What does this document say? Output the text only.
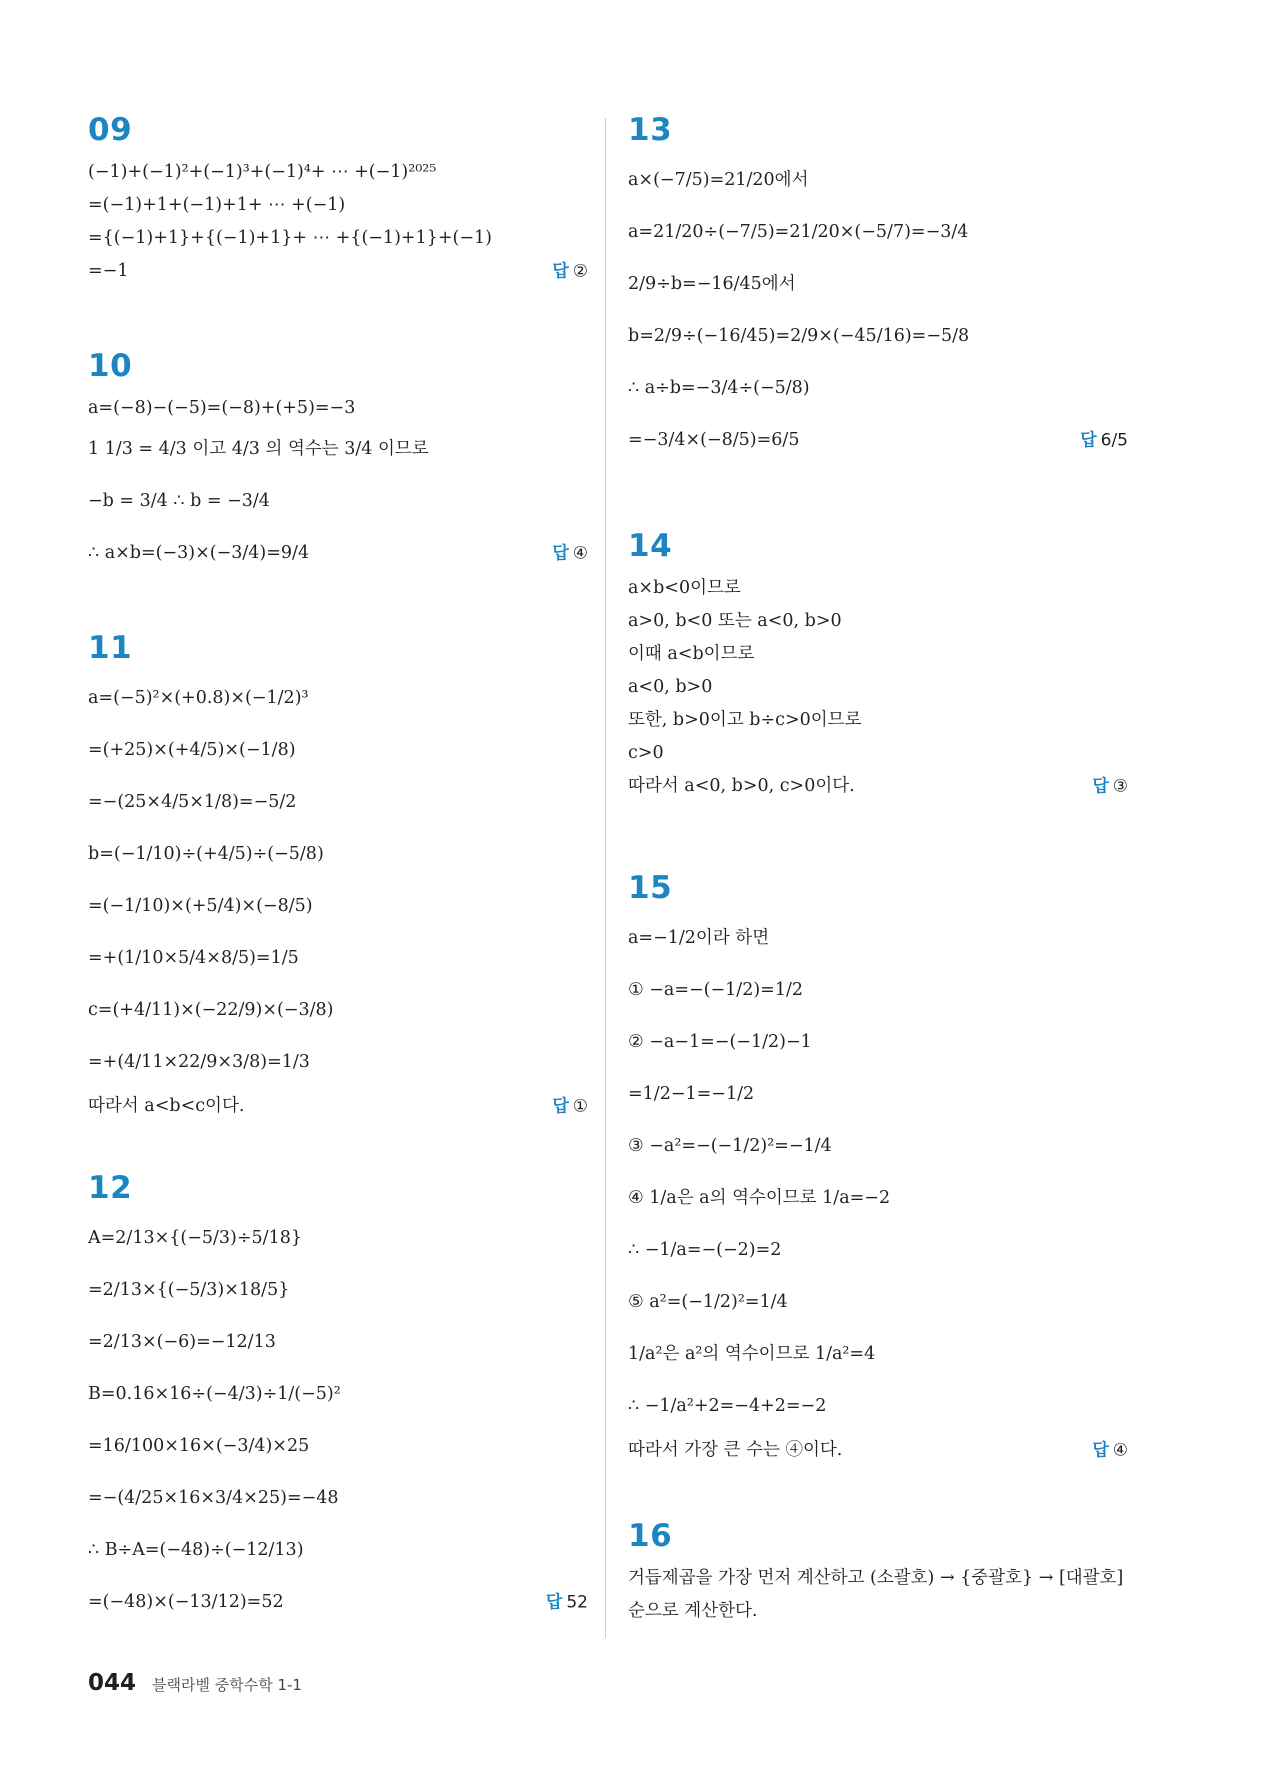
09
(−1)+(−1)²+(−1)³+(−1)⁴+ ⋯ +(−1)²⁰²⁵
=(−1)+1+(−1)+1+ ⋯ +(−1)
={(−1)+1}+{(−1)+1}+ ⋯ +{(−1)+1}+(−1)
=−1	답 ②
10
a=(−8)−(−5)=(−8)+(+5)=−3
1 1/3 = 4/3 이고 4/3 의 역수는 3/4 이므로
−b = 3/4 ∴ b = −3/4
∴ a×b=(−3)×(−3/4)=9/4	답 ④
11
a=(−5)²×(+0.8)×(−1/2)³
=(+25)×(+4/5)×(−1/8)
=−(25×4/5×1/8)=−5/2
b=(−1/10)÷(+4/5)÷(−5/8)
=(−1/10)×(+5/4)×(−8/5)
=+(1/10×5/4×8/5)=1/5
c=(+4/11)×(−22/9)×(−3/8)
=+(4/11×22/9×3/8)=1/3
따라서 a<b<c이다.	답 ①
12
A=2/13×{(−5/3)÷5/18}
=2/13×{(−5/3)×18/5}
=2/13×(−6)=−12/13
B=0.16×16÷(−4/3)÷1/(−5)²
=16/100×16×(−3/4)×25
=−(4/25×16×3/4×25)=−48
∴ B÷A=(−48)÷(−12/13)
=(−48)×(−13/12)=52	답 52
13
a×(−7/5)=21/20에서
a=21/20÷(−7/5)=21/20×(−5/7)=−3/4
2/9÷b=−16/45에서
b=2/9÷(−16/45)=2/9×(−45/16)=−5/8
∴ a÷b=−3/4÷(−5/8)
=−3/4×(−8/5)=6/5	답 6/5
14
a×b<0이므로
a>0, b<0 또는 a<0, b>0
이때 a<b이므로
a<0, b>0
또한, b>0이고 b÷c>0이므로
c>0
따라서 a<0, b>0, c>0이다.	답 ③
15
a=−1/2이라 하면
① −a=−(−1/2)=1/2
② −a−1=−(−1/2)−1
=1/2−1=−1/2
③ −a²=−(−1/2)²=−1/4
④ 1/a은 a의 역수이므로 1/a=−2
∴ −1/a=−(−2)=2
⑤ a²=(−1/2)²=1/4
1/a²은 a²의 역수이므로 1/a²=4
∴ −1/a²+2=−4+2=−2
따라서 가장 큰 수는 ④이다.	답 ④
16
거듭제곱을 가장 먼저 계산하고 (소괄호) → {중괄호} → [대괄호]
순으로 계산한다.
044 블랙라벨 중학수학 1-1
